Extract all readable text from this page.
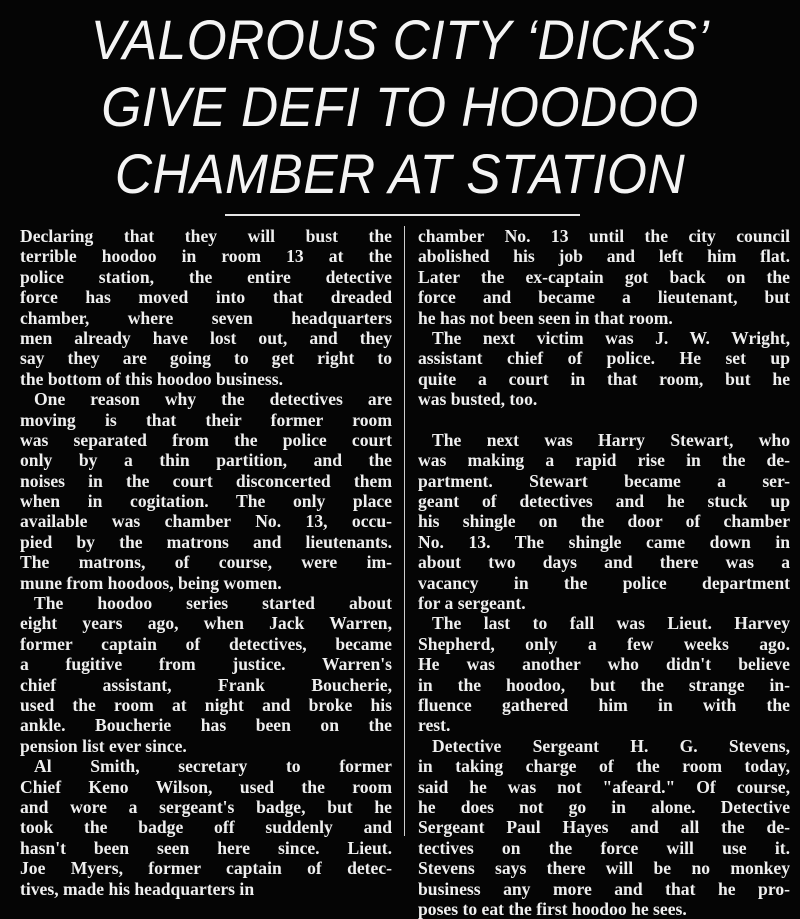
VALOROUS CITY ‘DICKS’
GIVE DEFI TO HOODOO
CHAMBER AT STATION
Declaring that they will bust the
terrible hoodoo in room 13 at the
police station, the entire detective
force has moved into that dreaded
chamber, where seven headquarters
men already have lost out, and they
say they are going to get right to
the bottom of this hoodoo business.
One reason why the detectives are
moving is that their former room
was separated from the police court
only by a thin partition, and the
noises in the court disconcerted them
when in cogitation. The only place
available was chamber No. 13, occu-
pied by the matrons and lieutenants.
The matrons, of course, were im-
mune from hoodoos, being women.
The hoodoo series started about
eight years ago, when Jack Warren,
former captain of detectives, became
a fugitive from justice. Warren's
chief assistant, Frank Boucherie,
used the room at night and broke his
ankle. Boucherie has been on the
pension list ever since.
Al Smith, secretary to former
Chief Keno Wilson, used the room
and wore a sergeant's badge, but he
took the badge off suddenly and
hasn't been seen here since. Lieut.
Joe Myers, former captain of detec-
tives, made his headquarters in
chamber No. 13 until the city council
abolished his job and left him flat.
Later the ex-captain got back on the
force and became a lieutenant, but
he has not been seen in that room.
The next victim was J. W. Wright,
assistant chief of police. He set up
quite a court in that room, but he
was busted, too.
The next was Harry Stewart, who
was making a rapid rise in the de-
partment. Stewart became a ser-
geant of detectives and he stuck up
his shingle on the door of chamber
No. 13. The shingle came down in
about two days and there was a
vacancy in the police department
for a sergeant.
The last to fall was Lieut. Harvey
Shepherd, only a few weeks ago.
He was another who didn't believe
in the hoodoo, but the strange in-
fluence gathered him in with the
rest.
Detective Sergeant H. G. Stevens,
in taking charge of the room today,
said he was not "afeard." Of course,
he does not go in alone. Detective
Sergeant Paul Hayes and all the de-
tectives on the force will use it.
Stevens says there will be no monkey
business any more and that he pro-
poses to eat the first hoodoo he sees.
